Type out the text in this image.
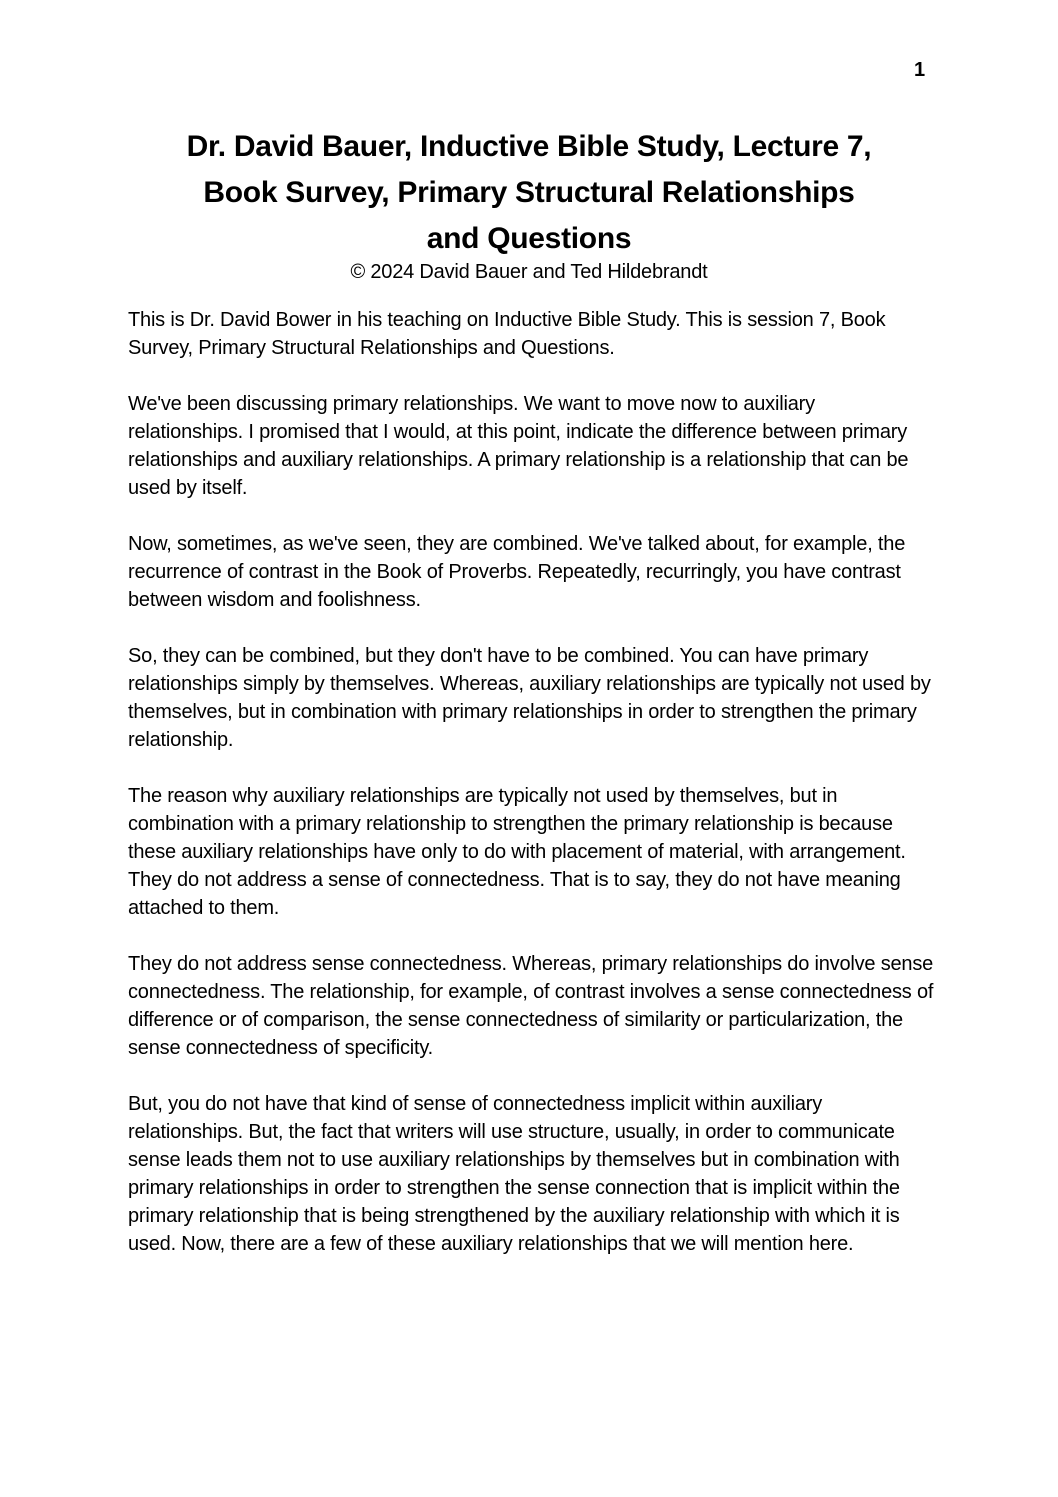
1
Dr. David Bauer, Inductive Bible Study, Lecture 7,
Book Survey, Primary Structural Relationships
and Questions
© 2024 David Bauer and Ted Hildebrandt

This is Dr. David Bower in his teaching on Inductive Bible Study. This is session 7, Book Survey, Primary Structural Relationships and Questions.

We've been discussing primary relationships. We want to move now to auxiliary relationships. I promised that I would, at this point, indicate the difference between primary relationships and auxiliary relationships. A primary relationship is a relationship that can be used by itself.

Now, sometimes, as we've seen, they are combined. We've talked about, for example, the recurrence of contrast in the Book of Proverbs. Repeatedly, recurringly, you have contrast between wisdom and foolishness.

So, they can be combined, but they don't have to be combined. You can have primary relationships simply by themselves. Whereas, auxiliary relationships are typically not used by themselves, but in combination with primary relationships in order to strengthen the primary relationship.

The reason why auxiliary relationships are typically not used by themselves, but in combination with a primary relationship to strengthen the primary relationship is because these auxiliary relationships have only to do with placement of material, with arrangement. They do not address a sense of connectedness. That is to say, they do not have meaning attached to them.

They do not address sense connectedness. Whereas, primary relationships do involve sense connectedness. The relationship, for example, of contrast involves a sense connectedness of difference or of comparison, the sense connectedness of similarity or particularization, the sense connectedness of specificity.

But, you do not have that kind of sense of connectedness implicit within auxiliary relationships. But, the fact that writers will use structure, usually, in order to communicate sense leads them not to use auxiliary relationships by themselves but in combination with primary relationships in order to strengthen the sense connection that is implicit within the primary relationship that is being strengthened by the auxiliary relationship with which it is used. Now, there are a few of these auxiliary relationships that we will mention here.
